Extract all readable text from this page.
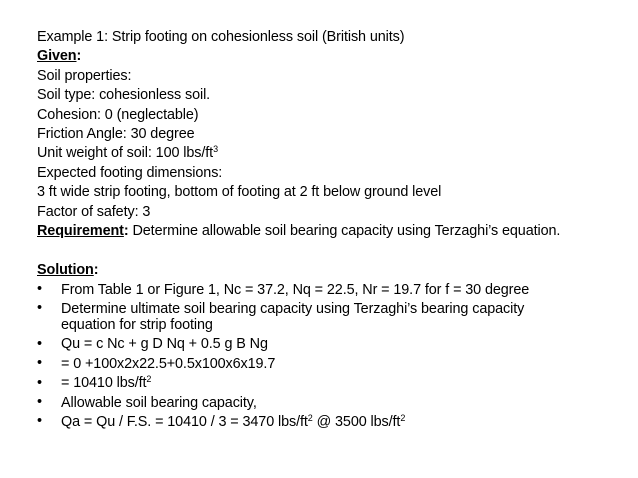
Example 1: Strip footing on cohesionless soil (British units)
Given:
Soil properties:
Soil type: cohesionless soil.
Cohesion: 0 (neglectable)
Friction Angle: 30 degree
Unit weight of soil: 100 lbs/$ft^3$
Expected footing dimensions:
3 ft wide strip footing, bottom of footing at 2 ft below ground level
Factor of safety: 3
Requirement: Determine allowable soil bearing capacity using Terzaghi’s equation.
Solution:
• From Table 1 or Figure 1, Nc = 37.2, Nq = 22.5, Nr = 19.7 for f = 30 degree
• Determine ultimate soil bearing capacity using Terzaghi’s bearing capacity equation for strip footing
• Qu = c Nc + g D Nq + 0.5 g B Ng
• = 0 +100x2x22.5+0.5x100x6x19.7
• = 10410 lbs/$ft^2$
• Allowable soil bearing capacity,
• Qa = Qu / F.S. = 10410 / 3 = 3470 lbs/$ft^2$ @ 3500 lbs/$ft^2$
